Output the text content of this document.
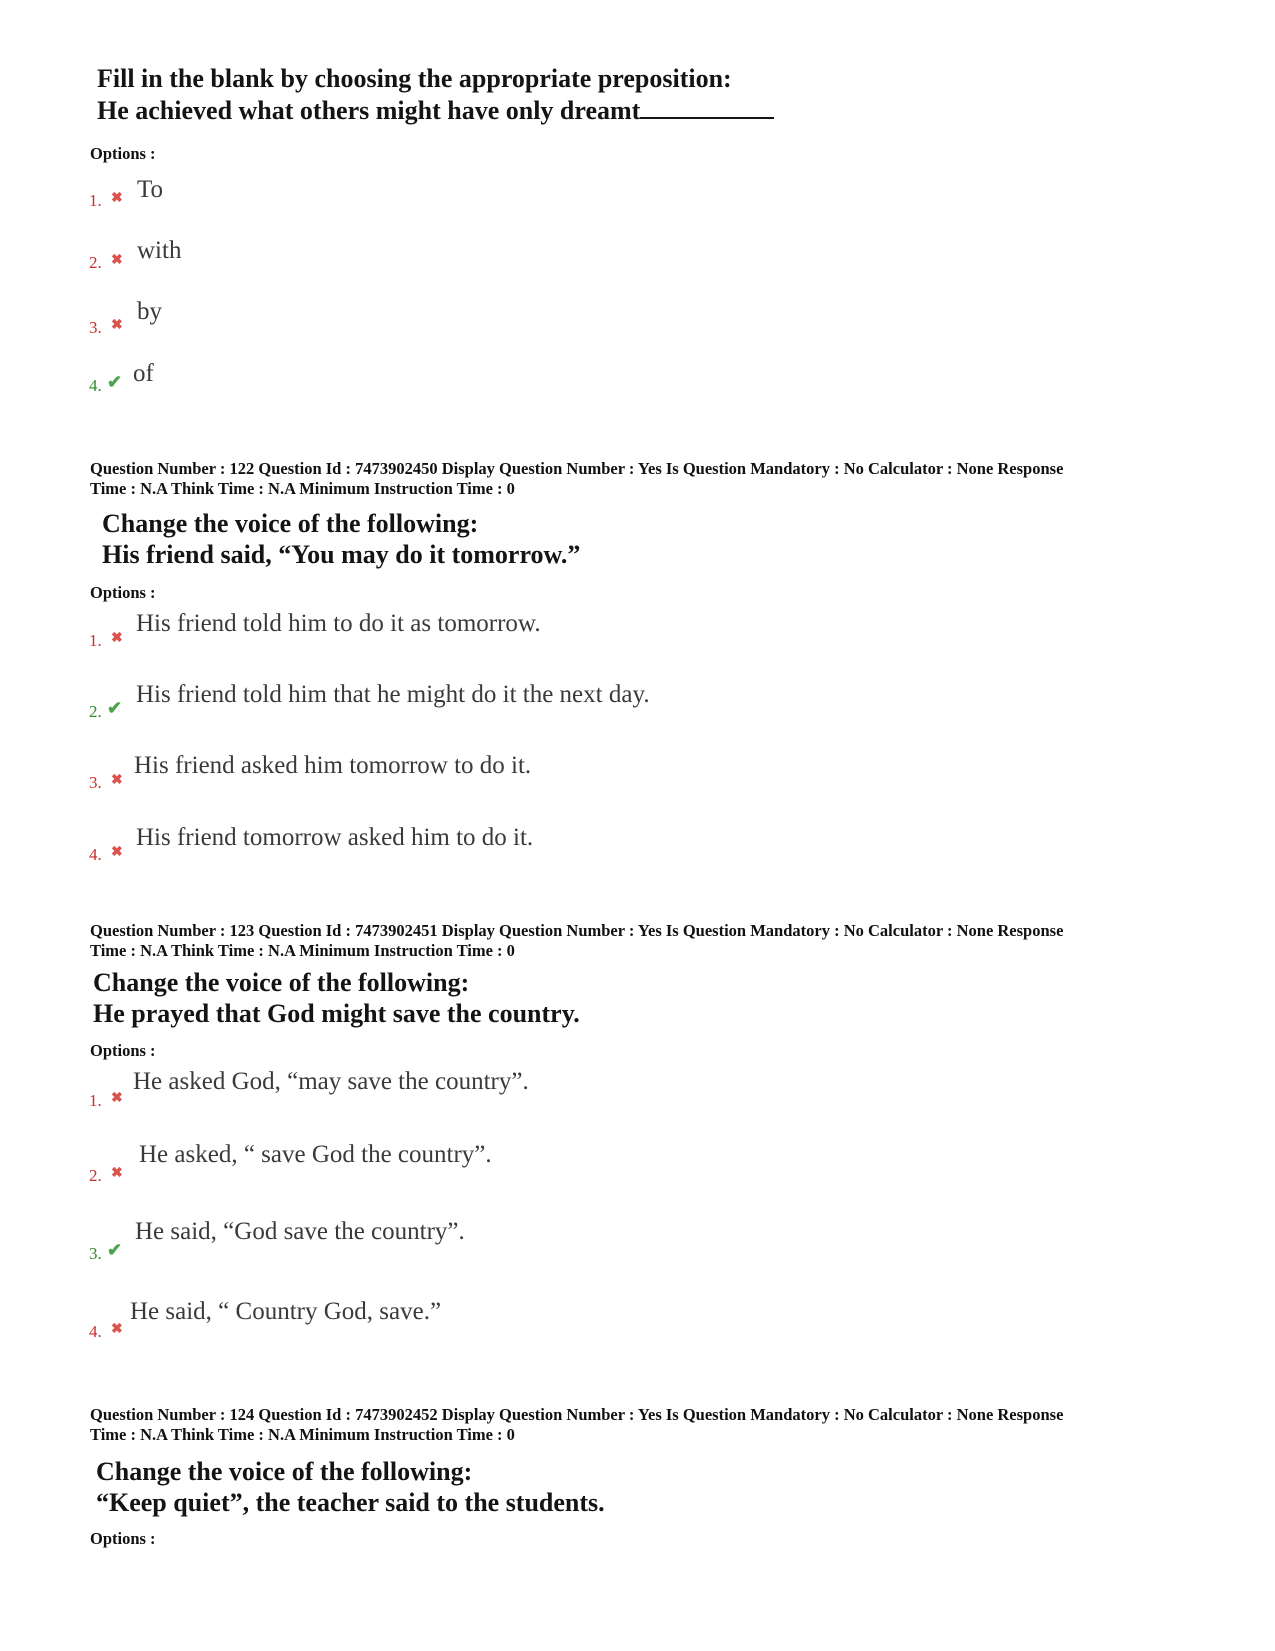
Fill in the blank by choosing the appropriate preposition:
He achieved what others might have only dreamt
Options :
1. ✖ To
2. ✖ with
3. ✖
by
4. ✔ of
Question Number : 122 Question Id : 7473902450 Display Question Number : Yes Is Question Mandatory : No Calculator : None Response
Time : N.A Think Time : N.A Minimum Instruction Time : 0
Change the voice of the following:
His friend said, “You may do it tomorrow.”
Options :
1. ✖
His friend told him to do it as tomorrow.
2. ✔ His friend told him that he might do it the next day.
3. ✖
His friend asked him tomorrow to do it.
4. ✖
His friend tomorrow asked him to do it.
Question Number : 123 Question Id : 7473902451 Display Question Number : Yes Is Question Mandatory : No Calculator : None Response
Time : N.A Think Time : N.A Minimum Instruction Time : 0
Change the voice of the following:
He prayed that God might save the country.
Options :
1. ✖
He asked God, “may save the country”.
2. ✖
He asked, “ save God the country”.
3. ✔
He said, “God save the country”.
4. ✖
He said, “ Country God, save.”
Question Number : 124 Question Id : 7473902452 Display Question Number : Yes Is Question Mandatory : No Calculator : None Response
Time : N.A Think Time : N.A Minimum Instruction Time : 0
Change the voice of the following:
“Keep quiet”, the teacher said to the students.
Options :
